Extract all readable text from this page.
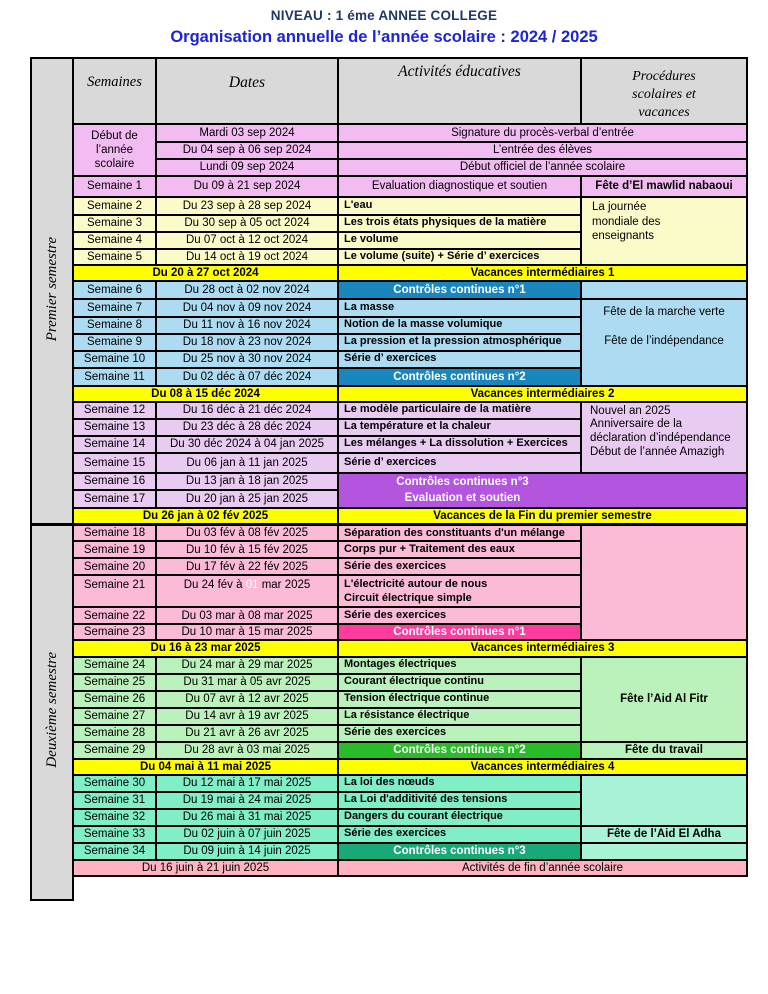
NIVEAU : 1 éme ANNEE COLLEGE
Organisation annuelle de l’année scolaire : 2024 / 2025
Premier semestre	Semaines	Dates	Activités éducatives	Procédures
scolaires et
vacances

	Début de l’année scolaire	Mardi 03 sep 2024	Signature du procès-verbal d’entrée	
		Du 04 sep à 06 sep 2024	L’entrée des élèves	
		Lundi 09 sep 2024	Début officiel de l’année scolaire	
	Semaine 1	Du 09 à 21 sep 2024	Evaluation diagnostique et soutien	Fête d’El mawlid nabaoui
	Semaine 2	Du 23 sep à 28 sep 2024	L'eau	La journée mondiale des enseignants
	Semaine 3	Du 30 sep à 05 oct 2024	Les trois états physiques de la matière	
	Semaine 4	Du 07 oct à 12 oct 2024	Le volume	
	Semaine 5	Du 14 oct à 19 oct 2024	Le volume (suite) + Série d’ exercices	
	Du 20 à 27 oct 2024		Vacances intermédiaires 1	
	Semaine 6	Du 28 oct à 02 nov 2024	Contrôles continues n°1	
	Semaine 7	Du 04 nov à 09 nov 2024	La masse	Fête de la marche verte
Fête de l’indépendance

	Semaine 8	Du 11 nov à 16 nov 2024	Notion de la masse volumique	
	Semaine 9	Du 18 nov à 23 nov 2024	La pression et la pression atmosphérique	
	Semaine 10	Du 25 nov à 30 nov 2024	Série d’ exercices	
	Semaine 11	Du 02 déc à 07 déc 2024	Contrôles continues n°2	
	Du 08 à 15 déc 2024		Vacances intermédiaires 2	
	Semaine 12	Du 16 déc à 21 déc 2024	Le modèle particulaire de la matière	Nouvel an 2025
Anniversaire de la déclaration d’indépendance
Début de l’année Amazigh

	Semaine 13	Du 23 déc à 28 déc 2024	La température et la chaleur	
	Semaine 14	Du 30 déc 2024 à 04 jan 2025	Les mélanges + La dissolution + Exercices	
	Semaine 15	Du 06 jan à 11 jan 2025	Série d’ exercices	
	Semaine 16	Du 13 jan à 18 jan 2025	Contrôles continues n°3
Evaluation et soutien	

	Semaine 17	Du 20 jan à 25 jan 2025		
	Du 26 jan à 02 fév 2025		Vacances de la Fin du premier semestre	
Deuxième semestre	Semaine 18	Du 03 fév à 08 fév 2025	Séparation des constituants d'un mélange	
	Semaine 19	Du 10 fév à 15 fév 2025	Corps pur + Traitement des eaux	
	Semaine 20	Du 17 fév à 22 fév 2025	Série des exercices	
	Semaine 21	Du 24 fév à 01 mar 2025	L'électricité autour de nous
Circuit électrique simple	

	Semaine 22	Du 03 mar à 08 mar 2025	Série des exercices	
	Semaine 23	Du 10 mar à 15 mar 2025	Contrôles continues n°1	
	Du 16 à 23 mar 2025		Vacances intermédiaires 3	
	Semaine 24	Du 24 mar à 29 mar 2025	Montages électriques	Fête l’Aid Al Fitr
	Semaine 25	Du 31 mar à 05 avr 2025	Courant électrique continu	
	Semaine 26	Du 07 avr à 12 avr 2025	Tension électrique continue	
	Semaine 27	Du 14 avr à 19 avr 2025	La résistance électrique	
	Semaine 28	Du 21 avr à 26 avr 2025	Série des exercices	
	Semaine 29	Du 28 avr à 03 mai 2025	Contrôles continues n°2	Fête du travail
	Du 04 mai à 11 mai 2025		Vacances intermédiaires 4	
	Semaine 30	Du 12 mai à 17 mai 2025	La loi des nœuds	
	Semaine 31	Du 19 mai à 24 mai 2025	La Loi d'additivité des tensions	
	Semaine 32	Du 26 mai à 31 mai 2025	Dangers du courant électrique	
	Semaine 33	Du 02 juin à 07 juin 2025	Série des exercices	Fête de l’Aid El Adha
	Semaine 34	Du 09 juin à 14 juin 2025	Contrôles continues n°3	
	Du 16 juin à 21 juin 2025		Activités de fin d’année scolaire	
